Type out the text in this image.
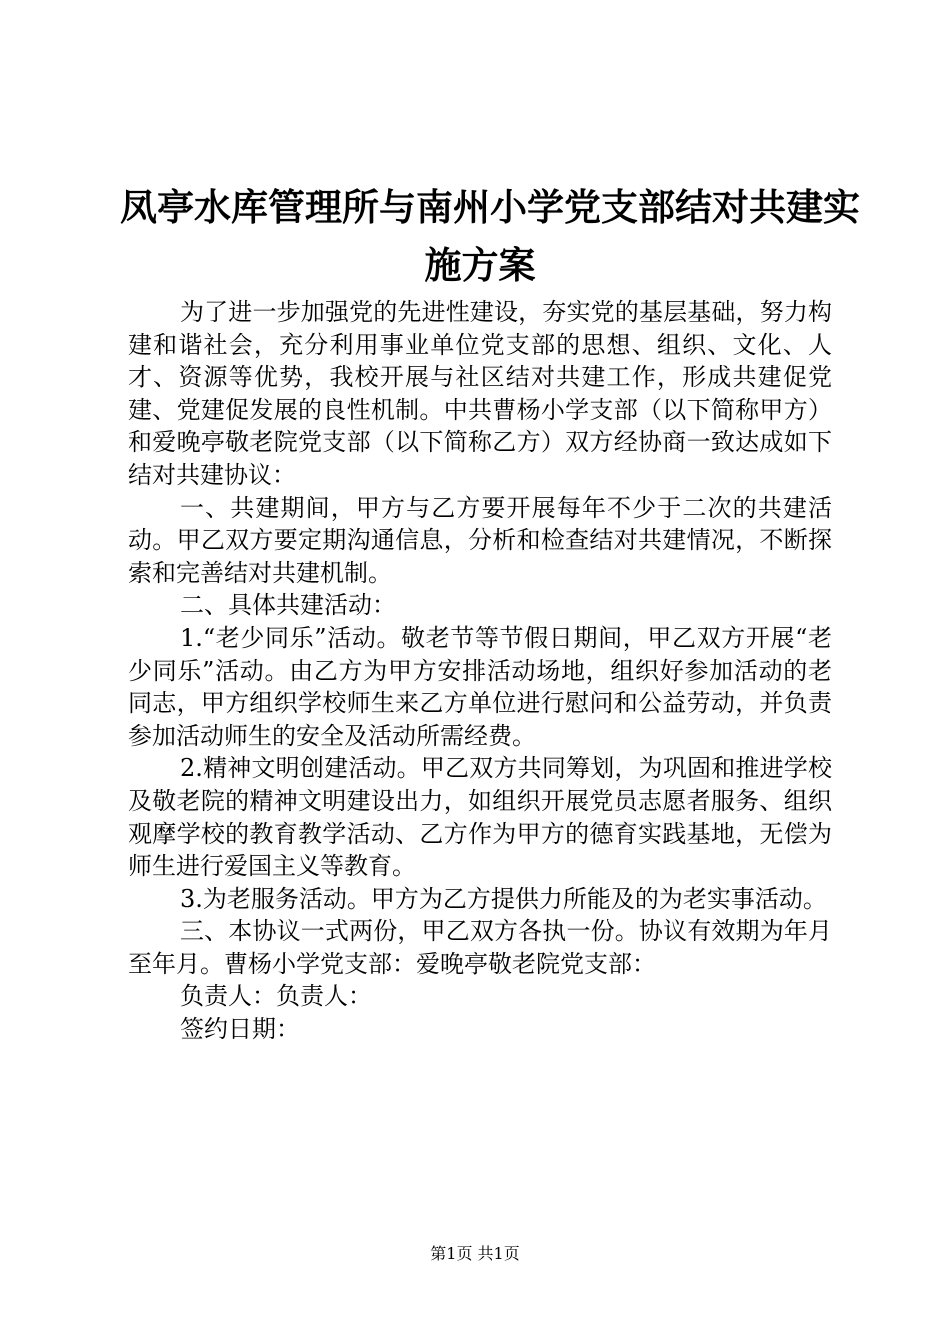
凤亭水库管理所与南州小学党支部结对共建实
施方案

为了进一步加强党的先进性建设，夯实党的基层基础，努力构建和谐社会，充分利用事业单位党支部的思想、组织、文化、人才、资源等优势，我校开展与社区结对共建工作，形成共建促党建、党建促发展的良性机制。中共曹杨小学支部（以下简称甲方）和爱晚亭敬老院党支部（以下简称乙方）双方经协商一致达成如下结对共建协议：

一、共建期间，甲方与乙方要开展每年不少于二次的共建活动。甲乙双方要定期沟通信息，分析和检查结对共建情况，不断探索和完善结对共建机制。

二、具体共建活动：

1.“老少同乐”活动。敬老节等节假日期间，甲乙双方开展“老少同乐”活动。由乙方为甲方安排活动场地，组织好参加活动的老同志，甲方组织学校师生来乙方单位进行慰问和公益劳动，并负责参加活动师生的安全及活动所需经费。

2.精神文明创建活动。甲乙双方共同筹划，为巩固和推进学校及敬老院的精神文明建设出力，如组织开展党员志愿者服务、组织观摩学校的教育教学活动、乙方作为甲方的德育实践基地，无偿为师生进行爱国主义等教育。

3.为老服务活动。甲方为乙方提供力所能及的为老实事活动。

三、本协议一式两份，甲乙双方各执一份。协议有效期为年月至年月。曹杨小学党支部：爱晚亭敬老院党支部：

负责人：负责人：

签约日期：

第1页 共1页
